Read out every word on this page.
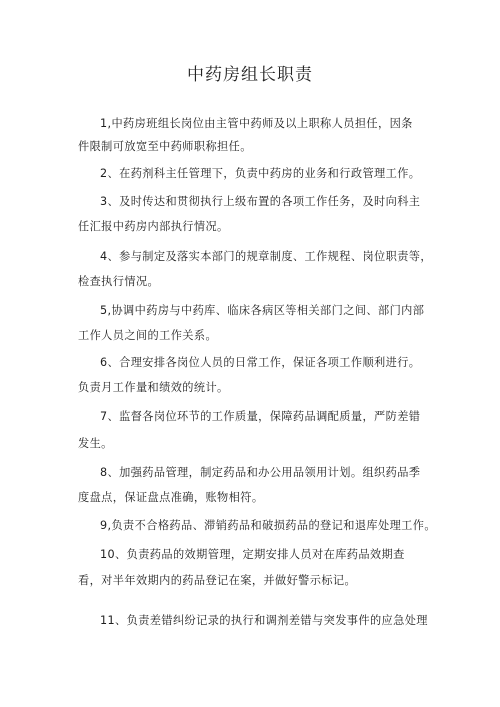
中药房组长职责
1,中药房班组长岗位由主管中药师及以上职称人员担任，因条
件限制可放宽至中药师职称担任。
2、在药剂科主任管理下，负责中药房的业务和行政管理工作。
3、及时传达和贯彻执行上级布置的各项工作任务，及时向科主
任汇报中药房内部执行情况。
4、参与制定及落实本部门的规章制度、工作规程、岗位职责等，
检查执行情况。
5,协调中药房与中药库、临床各病区等相关部门之间、部门内部
工作人员之间的工作关系。
6、合理安排各岗位人员的日常工作，保证各项工作顺利进行。
负责月工作量和绩效的统计。
7、监督各岗位环节的工作质量，保障药品调配质量，严防差错
发生。
8、加强药品管理，制定药品和办公用品领用计划。组织药品季
度盘点，保证盘点准确，账物相符。
9,负责不合格药品、滞销药品和破损药品的登记和退库处理工作。
10、负责药品的效期管理，定期安排人员对在库药品效期查
看，对半年效期内的药品登记在案，并做好警示标记。
11、负责差错纠纷记录的执行和调剂差错与突发事件的应急处理
